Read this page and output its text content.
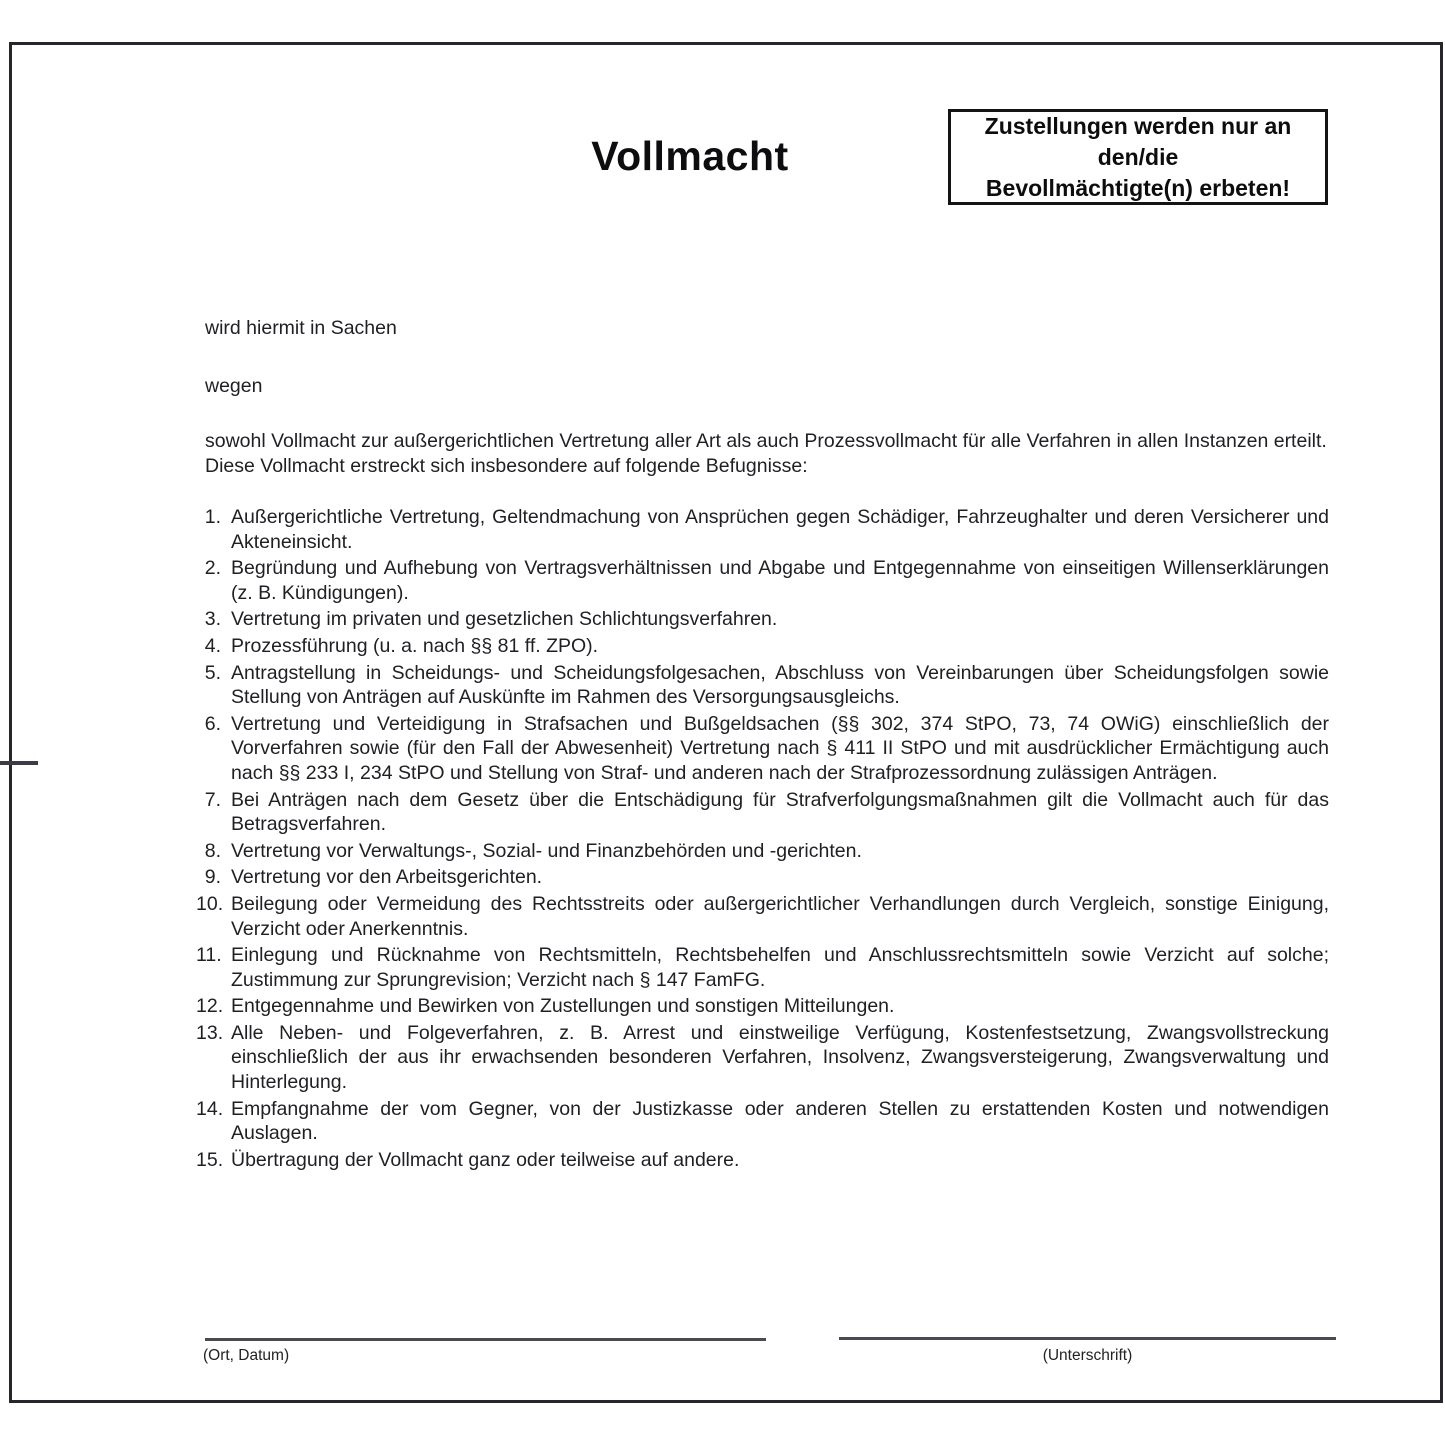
Vollmacht
Zustellungen werden nur an den/die
Bevollmächtigte(n) erbeten!
wird hiermit in Sachen
wegen
sowohl Vollmacht zur außergerichtlichen Vertretung aller Art als auch Prozessvollmacht für alle Verfahren in allen Instanzen erteilt.
Diese Vollmacht erstreckt sich insbesondere auf folgende Befugnisse:
1. Außergerichtliche Vertretung, Geltendmachung von Ansprüchen gegen Schädiger, Fahrzeughalter und deren Versicherer und Akteneinsicht.
2. Begründung und Aufhebung von Vertragsverhältnissen und Abgabe und Entgegennahme von einseitigen Willenserklärungen (z. B. Kündigungen).
3. Vertretung im privaten und gesetzlichen Schlichtungsverfahren.
4. Prozessführung (u. a. nach §§ 81 ff. ZPO).
5. Antragstellung in Scheidungs- und Scheidungsfolgesachen, Abschluss von Vereinbarungen über Scheidungsfolgen sowie Stellung von Anträgen auf Auskünfte im Rahmen des Versorgungsausgleichs.
6. Vertretung und Verteidigung in Strafsachen und Bußgeldsachen (§§ 302, 374 StPO, 73, 74 OWiG) einschließlich der Vorverfahren sowie (für den Fall der Abwesenheit) Vertretung nach § 411 II StPO und mit ausdrücklicher Ermächtigung auch nach §§ 233 I, 234 StPO und Stellung von Straf- und anderen nach der Strafprozessordnung zulässigen Anträgen.
7. Bei Anträgen nach dem Gesetz über die Entschädigung für Strafverfolgungsmaßnahmen gilt die Vollmacht auch für das Betragsverfahren.
8. Vertretung vor Verwaltungs-, Sozial- und Finanzbehörden und -gerichten.
9. Vertretung vor den Arbeitsgerichten.
10. Beilegung oder Vermeidung des Rechtsstreits oder außergerichtlicher Verhandlungen durch Vergleich, sonstige Einigung, Verzicht oder Anerkenntnis.
11. Einlegung und Rücknahme von Rechtsmitteln, Rechtsbehelfen und Anschlussrechtsmitteln sowie Verzicht auf solche; Zustimmung zur Sprungrevision; Verzicht nach § 147 FamFG.
12. Entgegennahme und Bewirken von Zustellungen und sonstigen Mitteilungen.
13. Alle Neben- und Folgeverfahren, z. B. Arrest und einstweilige Verfügung, Kostenfestsetzung, Zwangsvollstreckung einschließlich der aus ihr erwachsenden besonderen Verfahren, Insolvenz, Zwangsversteigerung, Zwangsverwaltung und Hinterlegung.
14. Empfangnahme der vom Gegner, von der Justizkasse oder anderen Stellen zu erstattenden Kosten und notwendigen Auslagen.
15. Übertragung der Vollmacht ganz oder teilweise auf andere.
(Ort, Datum)	(Unterschrift)
